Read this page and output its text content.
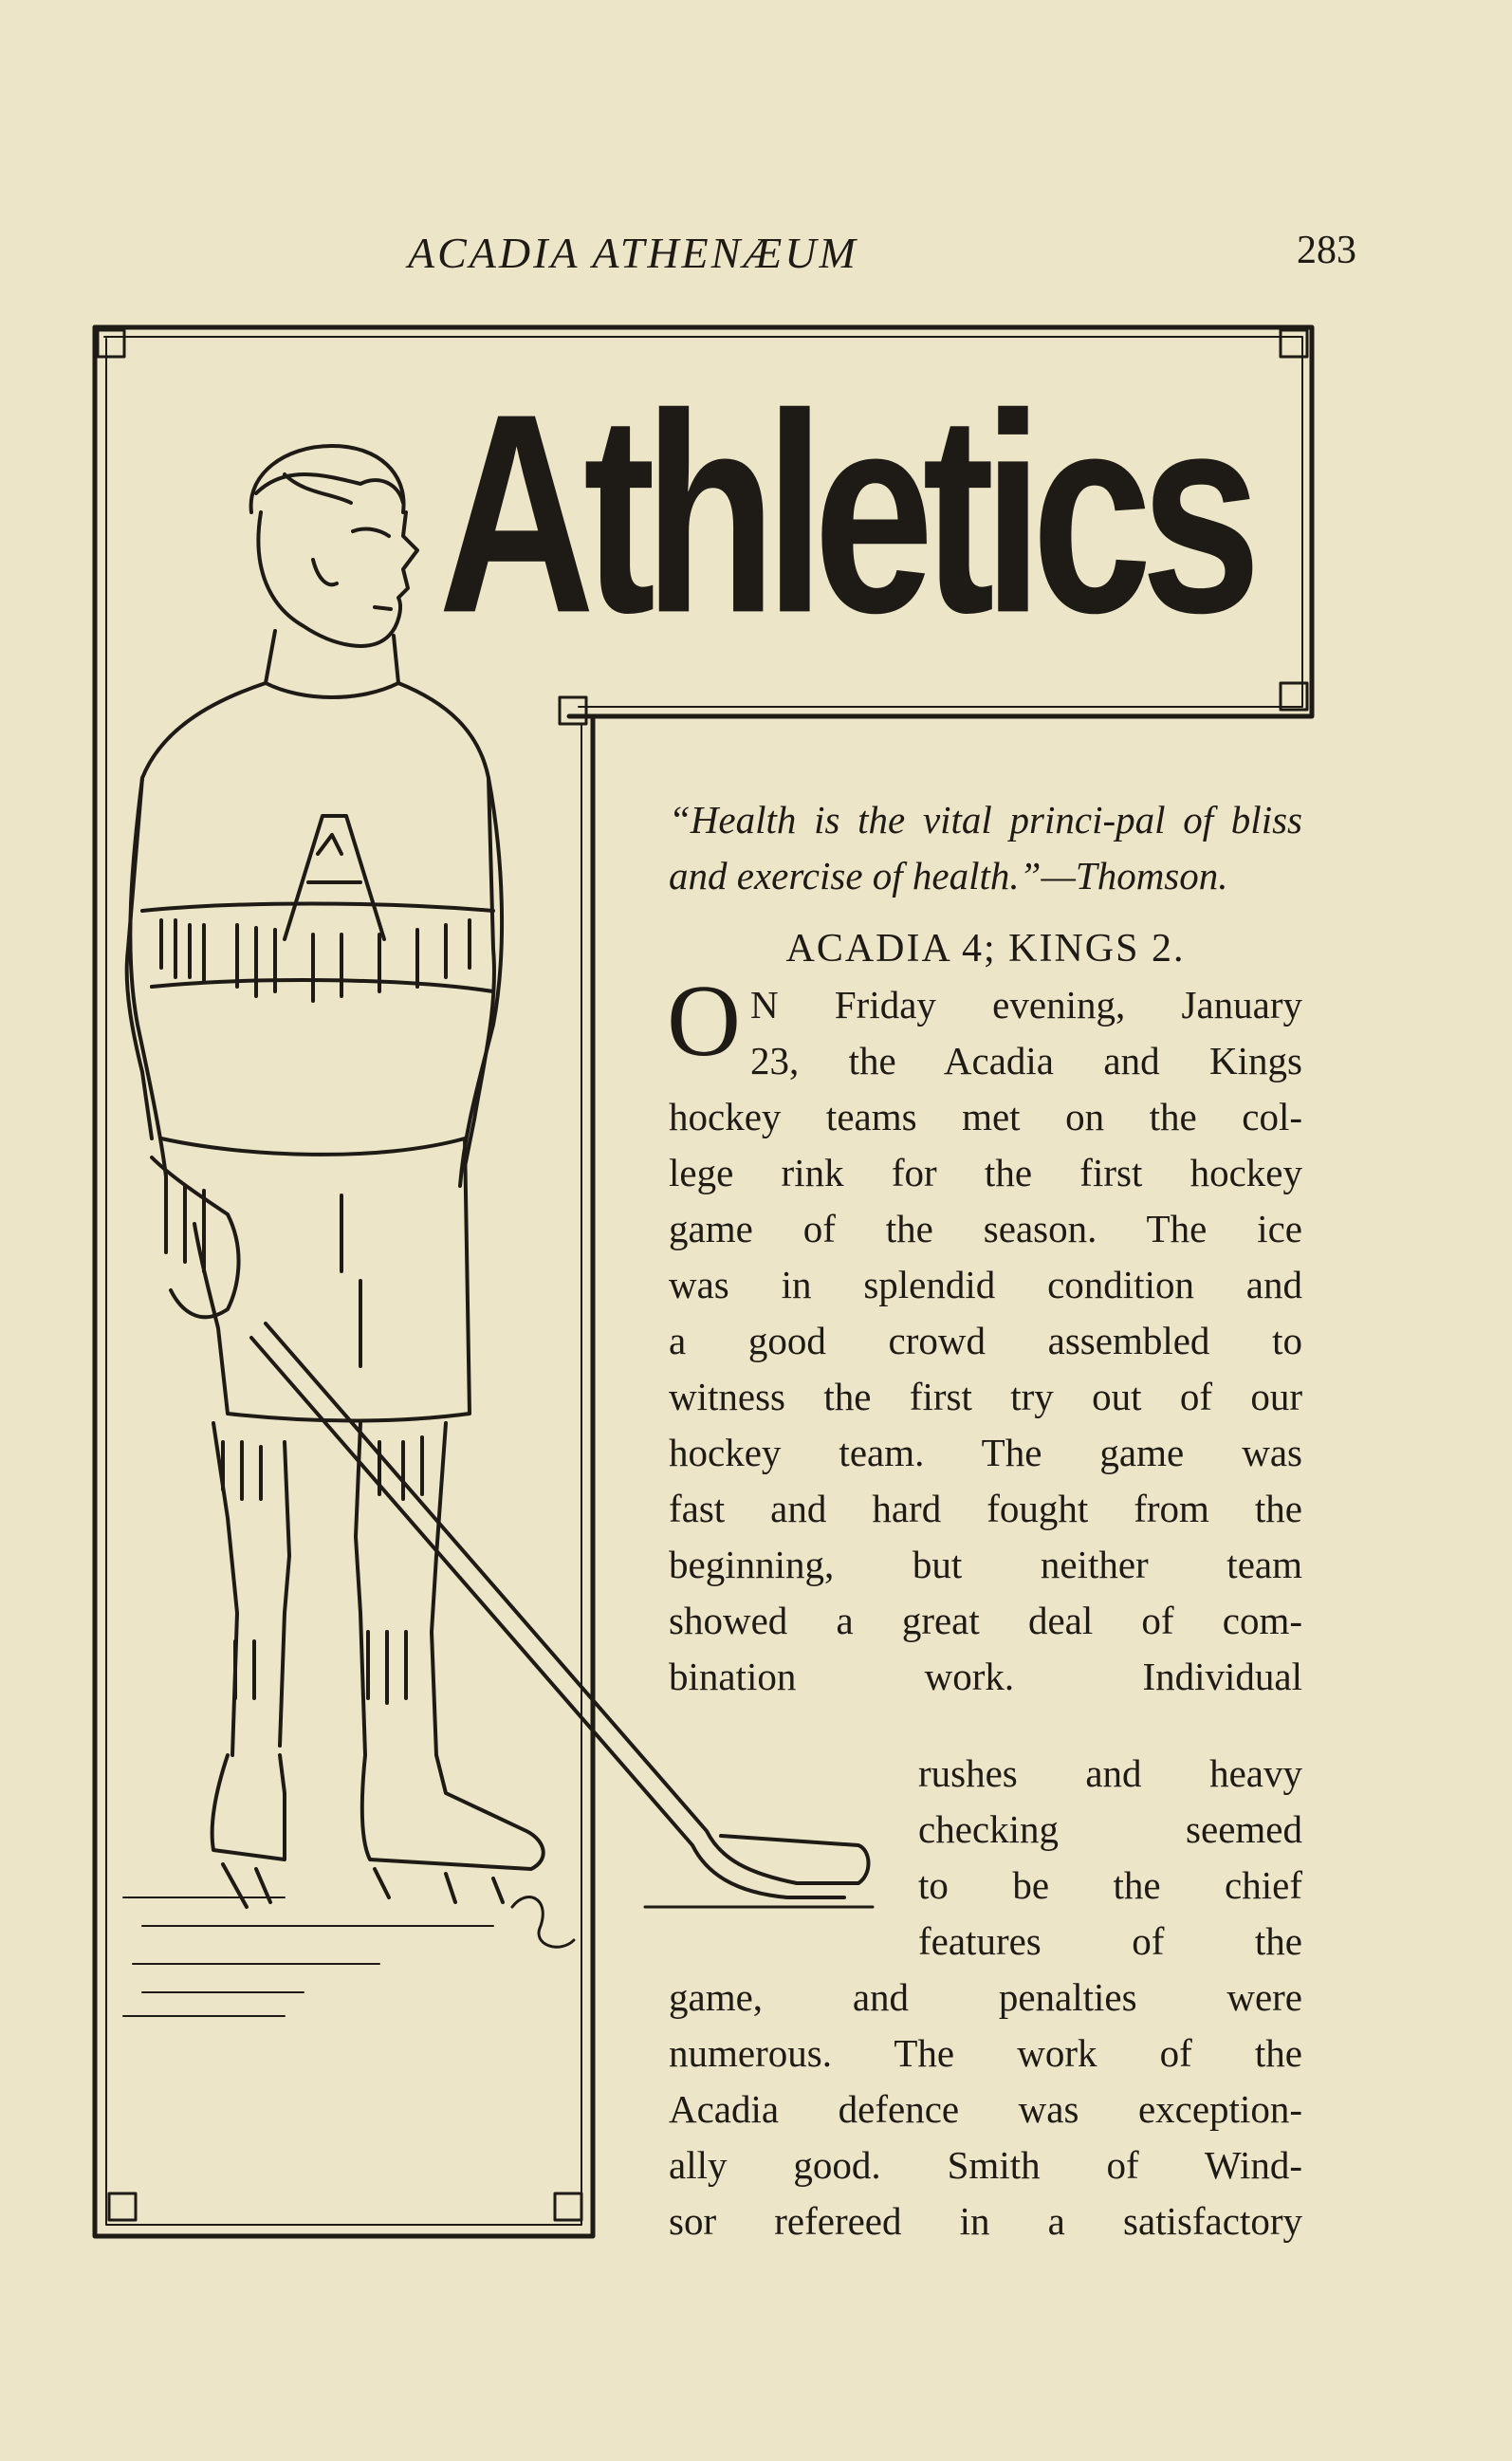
ACADIA ATHENÆUM	283
Athletics
“Health is the vital princi-pal of bliss and exercise of health.”—Thomson.
ACADIA 4; KINGS 2.
O N Friday evening, January
23, the Acadia and Kings
hockey teams met on the col-
lege rink for the first hockey
game of the season. The ice
was in splendid condition and
a good crowd assembled to
witness the first try out of our
hockey team. The game was
fast and hard fought from the
beginning, but neither team
showed a great deal of com-
bination work. Individual
rushes and heavy
checking seemed
to be the chief
features of the
game, and penalties were
numerous. The work of the
Acadia defence was exception-
ally good. Smith of Wind-
sor refereed in a satisfactory
